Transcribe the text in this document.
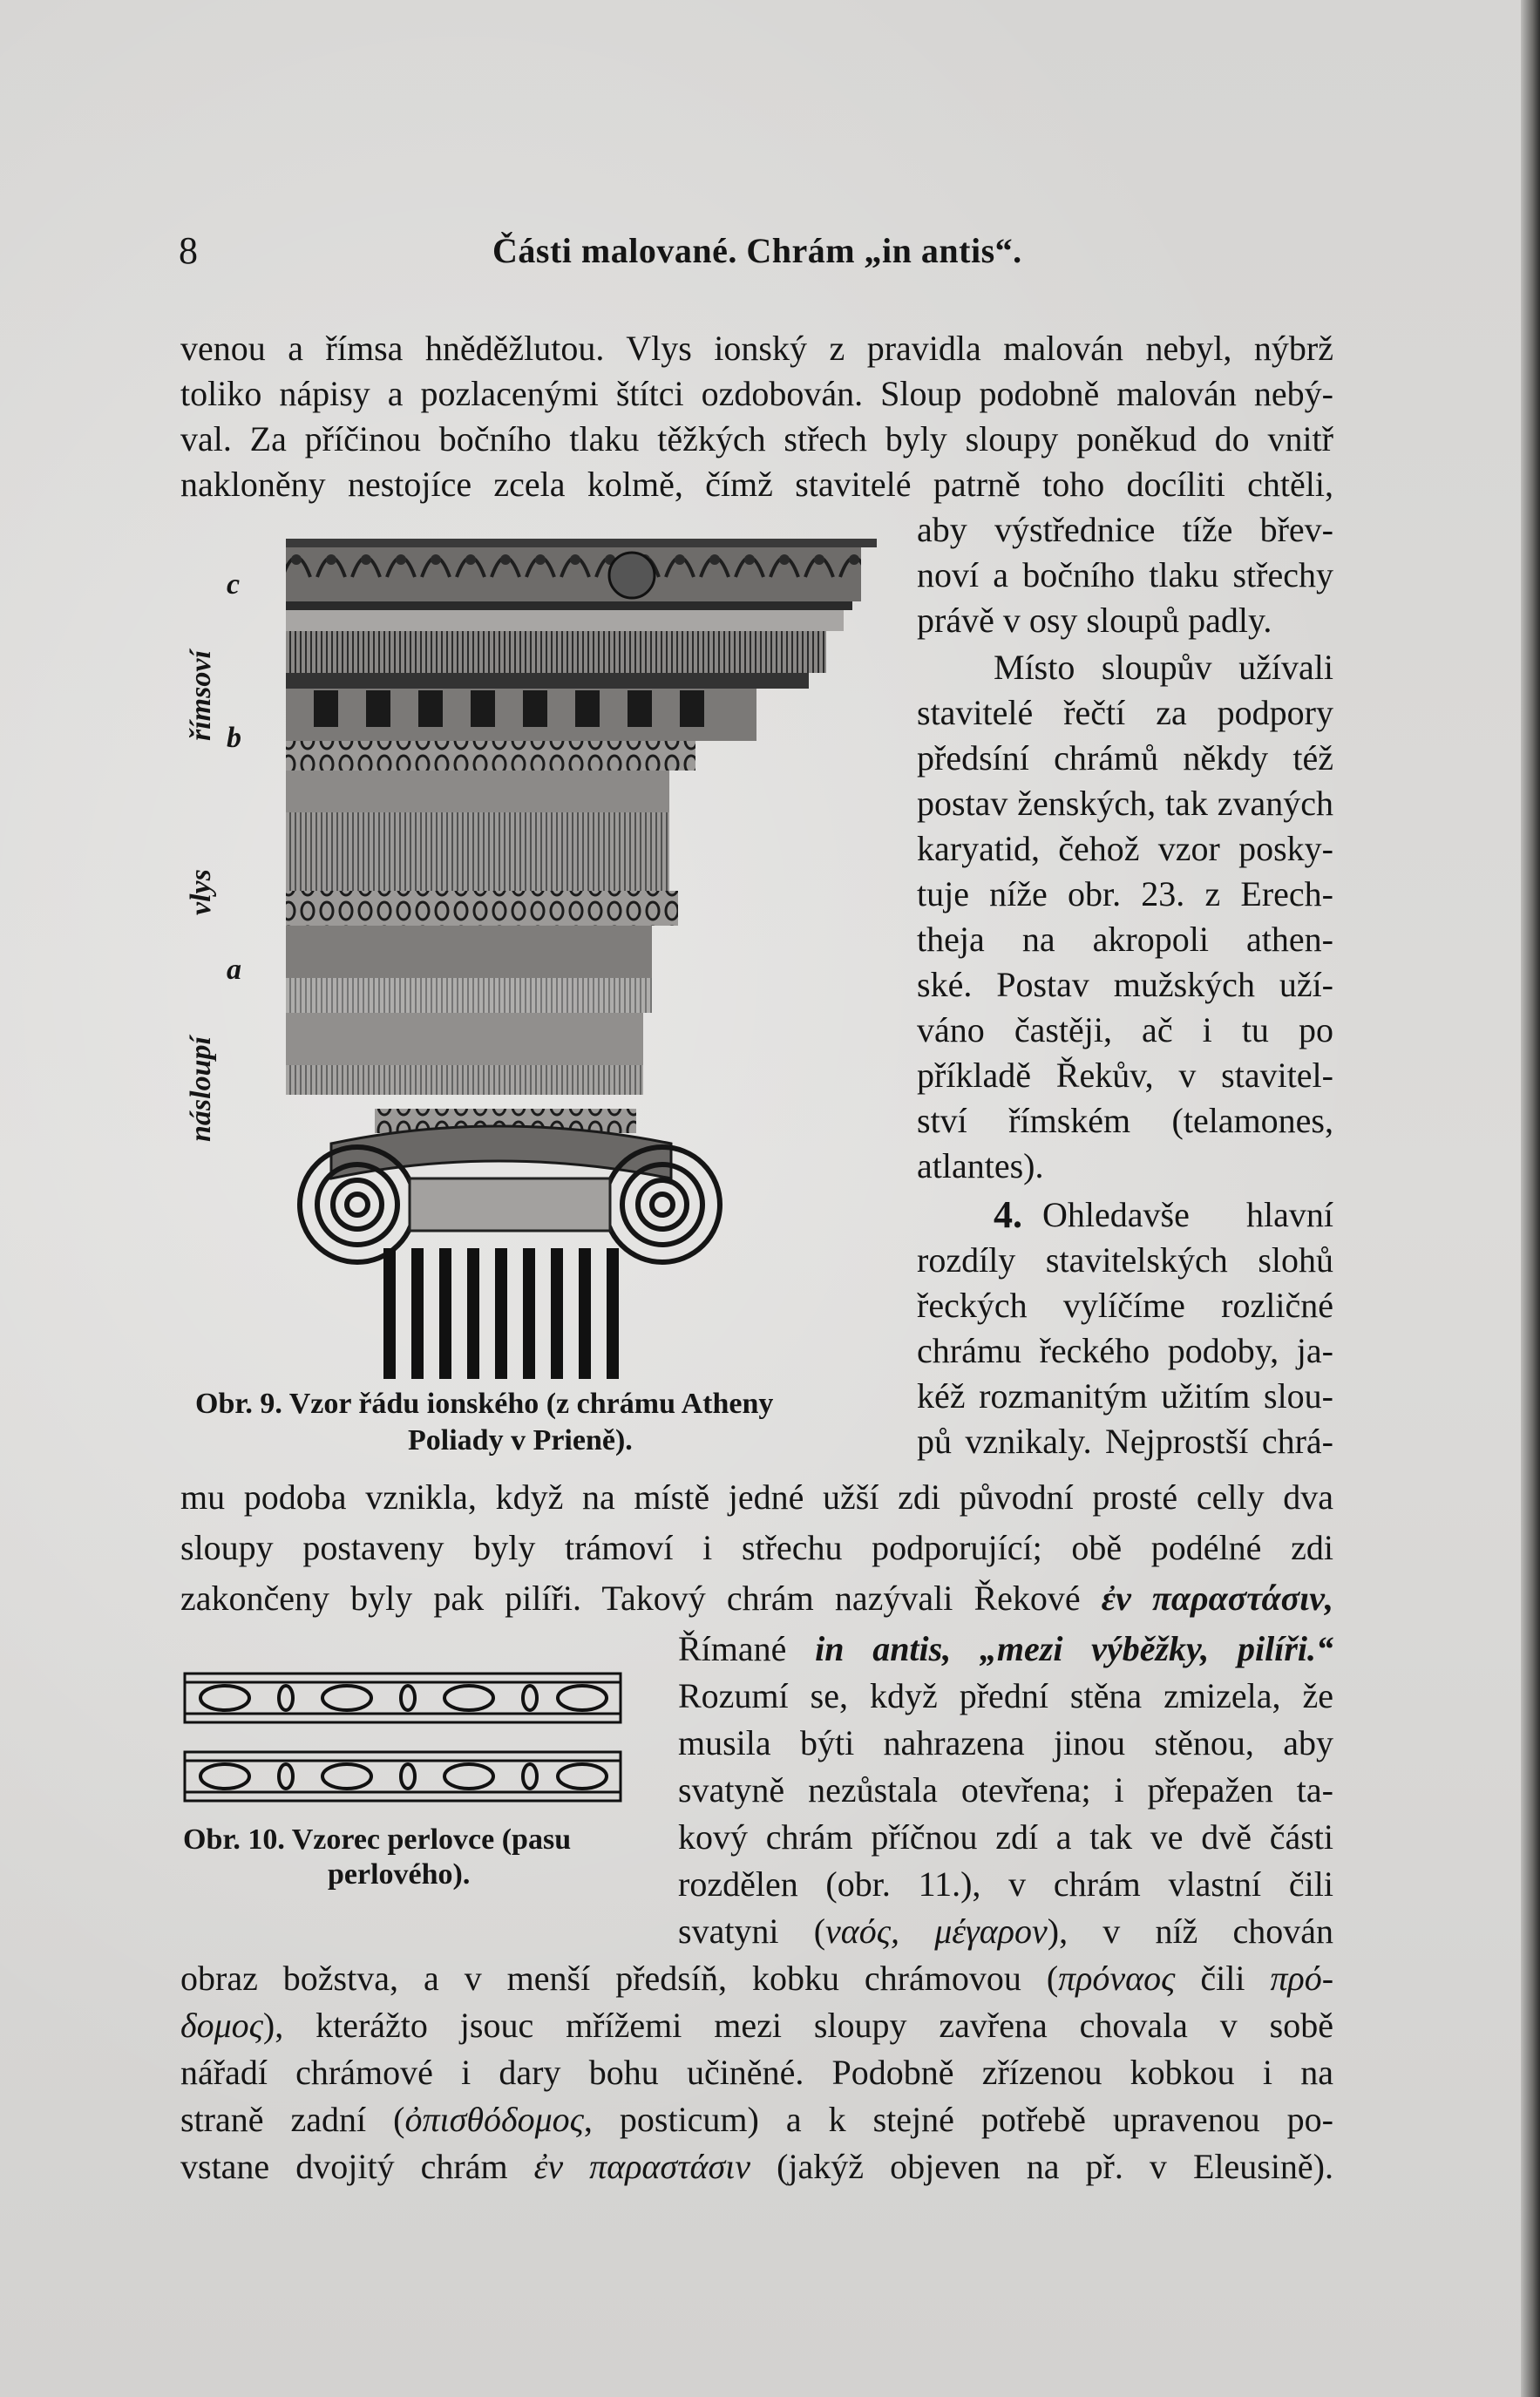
8	Části malované. Chrám „in antis“.
venou a římsa hněděžlutou. Vlys ionský z pravidla malován nebyl, nýbrž
toliko nápisy a pozlacenými štítci ozdobován. Sloup podobně malován nebý-
val. Za příčinou bočního tlaku těžkých střech byly sloupy poněkud do vnitř
nakloněny nestojíce zcela kolmě, čímž stavitelé patrně toho docíliti chtěli,
aby výstřednice tíže břev-
noví a bočního tlaku střechy
právě v osy sloupů padly.
Místo sloupův užívali
stavitelé řečtí za podpory
předsíní chrámů někdy též
postav ženských, tak zvaných
karyatid, čehož vzor posky-
tuje níže obr. 23. z Erech-
theja na akropoli athen-
ské. Postav mužských uží-
váno častěji, ač i tu po
příkladě Řekův, v stavitel-
ství římském (telamones,
atlantes).
4. Ohledavše hlavní
rozdíly stavitelských slohů
řeckých vylíčíme rozličné
chrámu řeckého podoby, ja-
kéž rozmanitým užitím slou-
pů vznikaly. Nejprostší chrá-
mu podoba vznikla, když na místě jedné užší zdi původní prosté celly dva
sloupy postaveny byly trámoví i střechu podporující; obě podélné zdi
zakončeny byly pak pilíři. Takový chrám nazývali Řekové ἐν παραστάσιν,
Římané in antis, „mezi výběžky, pilíři.“
Rozumí se, když přední stěna zmizela, že
musila býti nahrazena jinou stěnou, aby
svatyně nezůstala otevřena; i přepažen ta-
kový chrám příčnou zdí a tak ve dvě části
rozdělen (obr. 11.), v chrám vlastní čili
svatyni (ναός, μέγαρον), v níž chován
obraz božstva, a v menší předsíň, kobku chrámovou (πρόναος čili πρό-
δομος), kterážto jsouc mřížemi mezi sloupy zavřena chovala v sobě
nářadí chrámové i dary bohu učiněné. Podobně zřízenou kobkou i na
straně zadní (ὀπισθόδομος, posticum) a k stejné potřebě upravenou po-
vstane dvojitý chrám ἐν παραστάσιν (jakýž objeven na př. v Eleusině).
římsoví
vlys
násloupí
c
b
a
Obr. 9. Vzor řádu ionského (z chrámu Atheny
Poliady v Prieně).
Obr. 10. Vzorec perlovce (pasu
perlového).
